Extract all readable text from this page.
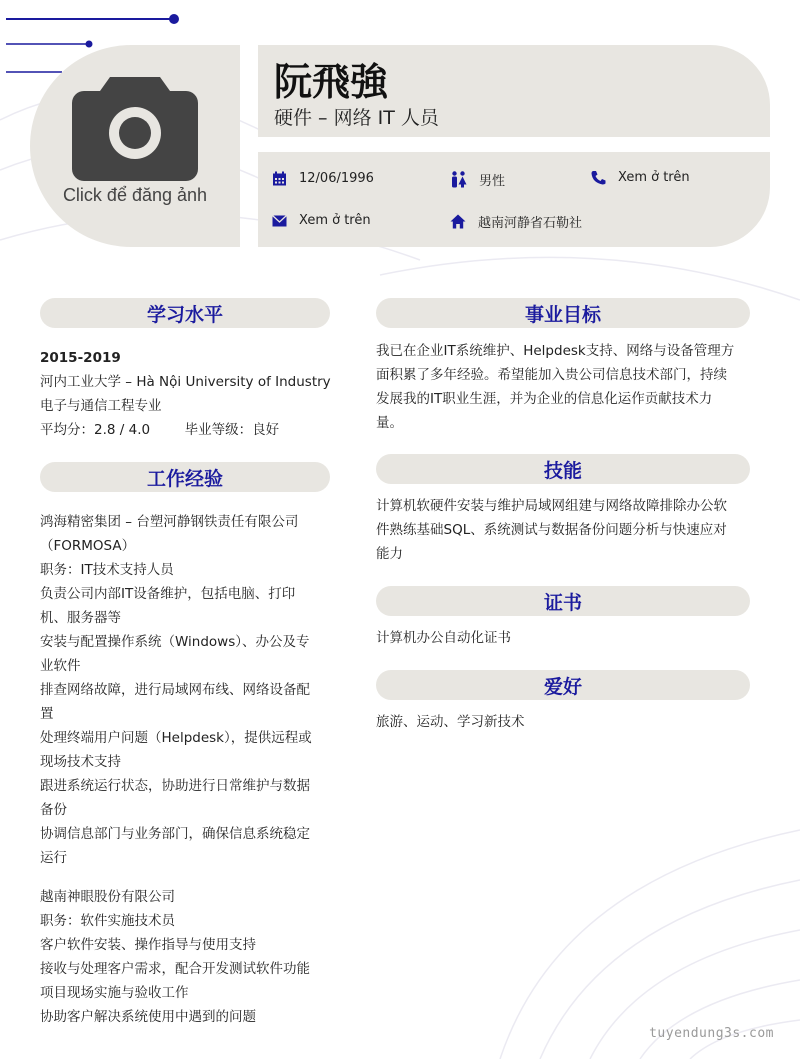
Click để đăng ảnh
阮飛強
硬件 – 网络 IT 人员
12/06/1996	男性	Xem ở trên
Xem ở trên	越南河静省石勒社
学习水平
2015-2019
河内工业大学 – Hà Nội University of Industry
电子与通信工程专业
平均分：2.8 / 4.0	毕业等级：良好
工作经验
鸿海精密集团 – 台塑河静钢铁责任有限公司
（FORMOSA）
职务：IT技术支持人员
负责公司内部IT设备维护，包括电脑、打印
机、服务器等
安装与配置操作系统（Windows）、办公及专
业软件
排查网络故障，进行局域网布线、网络设备配
置
处理终端用户问题（Helpdesk），提供远程或
现场技术支持
跟进系统运行状态，协助进行日常维护与数据
备份
协调信息部门与业务部门，确保信息系统稳定
运行
越南神眼股份有限公司
职务：软件实施技术员
客户软件安装、操作指导与使用支持
接收与处理客户需求，配合开发测试软件功能
项目现场实施与验收工作
协助客户解决系统使用中遇到的问题
事业目标
我已在企业IT系统维护、Helpdesk支持、网络与设备管理方
面积累了多年经验。希望能加入贵公司信息技术部门，持续
发展我的IT职业生涯，并为企业的信息化运作贡献技术力
量。
技能
计算机软硬件安装与维护局域网组建与网络故障排除办公软
件熟练基础SQL、系统测试与数据备份问题分析与快速应对
能力
证书
计算机办公自动化证书
爱好
旅游、运动、学习新技术
tuyendung3s.com
